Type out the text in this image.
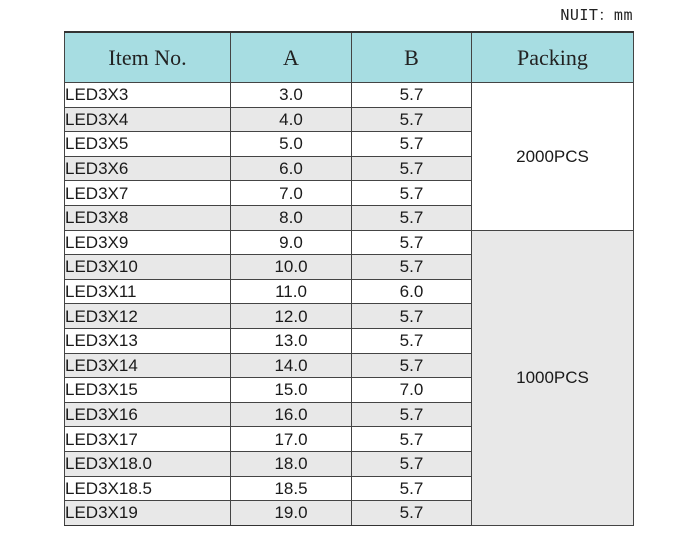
NUIT：mm
Item No.	A	B	Packing
LED3X3	3.0	5.7	2000PCS
LED3X4	4.0	5.7	
LED3X5	5.0	5.7	
LED3X6	6.0	5.7	
LED3X7	7.0	5.7	
LED3X8	8.0	5.7	
LED3X9	9.0	5.7	1000PCS
LED3X10	10.0	5.7	
LED3X11	11.0	6.0	
LED3X12	12.0	5.7	
LED3X13	13.0	5.7	
LED3X14	14.0	5.7	
LED3X15	15.0	7.0	
LED3X16	16.0	5.7	
LED3X17	17.0	5.7	
LED3X18.0	18.0	5.7	
LED3X18.5	18.5	5.7	
LED3X19	19.0	5.7	
